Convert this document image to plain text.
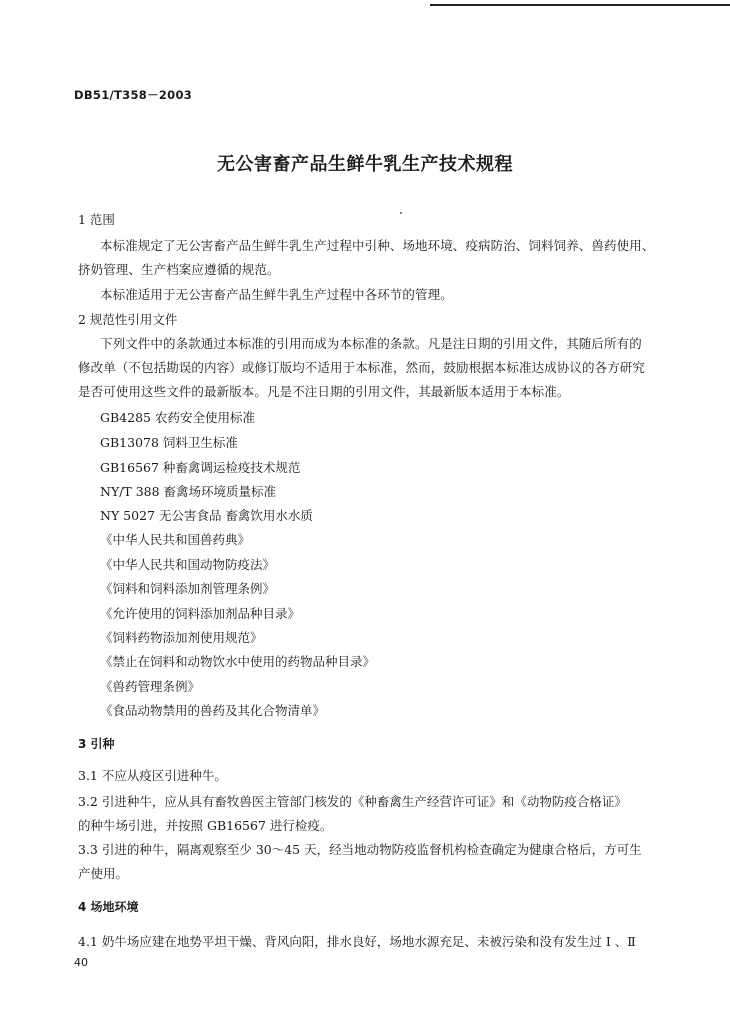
DB51/T358－2003
无公害畜产品生鲜牛乳生产技术规程
1 范围
本标准规定了无公害畜产品生鲜牛乳生产过程中引种、场地环境、疫病防治、饲料饲养、兽药使用、
挤奶管理、生产档案应遵循的规范。
本标准适用于无公害畜产品生鲜牛乳生产过程中各环节的管理。
2 规范性引用文件
下列文件中的条款通过本标准的引用而成为本标准的条款。凡是注日期的引用文件，其随后所有的
修改单（不包括勘误的内容）或修订版均不适用于本标准，然而，鼓励根据本标准达成协议的各方研究
是否可使用这些文件的最新版本。凡是不注日期的引用文件，其最新版本适用于本标准。
GB4285 农药安全使用标准
GB13078 饲料卫生标准
GB16567 种畜禽调运检疫技术规范
NY/T 388 畜禽场环境质量标准
NY 5027 无公害食品 畜禽饮用水水质
《中华人民共和国兽药典》
《中华人民共和国动物防疫法》
《饲料和饲料添加剂管理条例》
《允许使用的饲料添加剂品种目录》
《饲料药物添加剂使用规范》
《禁止在饲料和动物饮水中使用的药物品种目录》
《兽药管理条例》
《食品动物禁用的兽药及其化合物清单》
3 引种
3.1 不应从疫区引进种牛。
3.2 引进种牛，应从具有畜牧兽医主管部门核发的《种畜禽生产经营许可证》和《动物防疫合格证》
的种牛场引进，并按照 GB16567 进行检疫。
3.3 引进的种牛，隔离观察至少 30～45 天，经当地动物防疫监督机构检查确定为健康合格后，方可生
产使用。
4 场地环境
4.1 奶牛场应建在地势平坦干燥、背风向阳，排水良好，场地水源充足、未被污染和没有发生过 Ⅰ 、Ⅱ
40
